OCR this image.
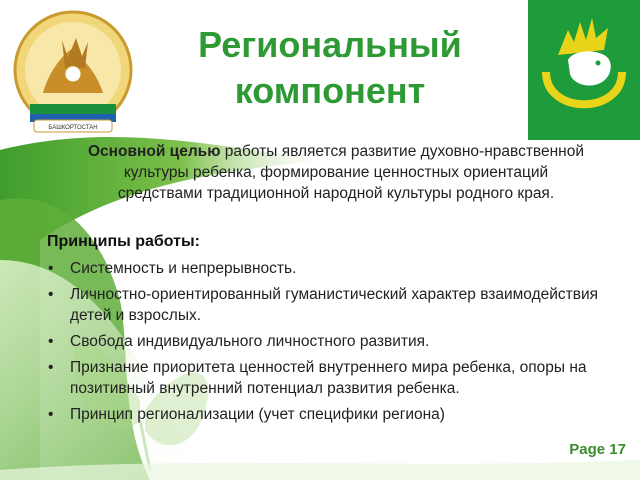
БАШКОРТОСТАН
Региональный
компонент
Основной целью работы является развитие духовно-нравственной культуры ребенка, формирование ценностных ориентаций средствами традиционной народной культуры родного края.
Принципы работы:
• Системность и непрерывность.
• Личностно-ориентированный гуманистический характер взаимодействия детей и взрослых.
• Свобода индивидуального личностного развития.
• Признание приоритета ценностей внутреннего мира ребенка, опоры на позитивный внутренний потенциал развития ребенка.
• Принцип регионализации (учет специфики региона)
Page 17
